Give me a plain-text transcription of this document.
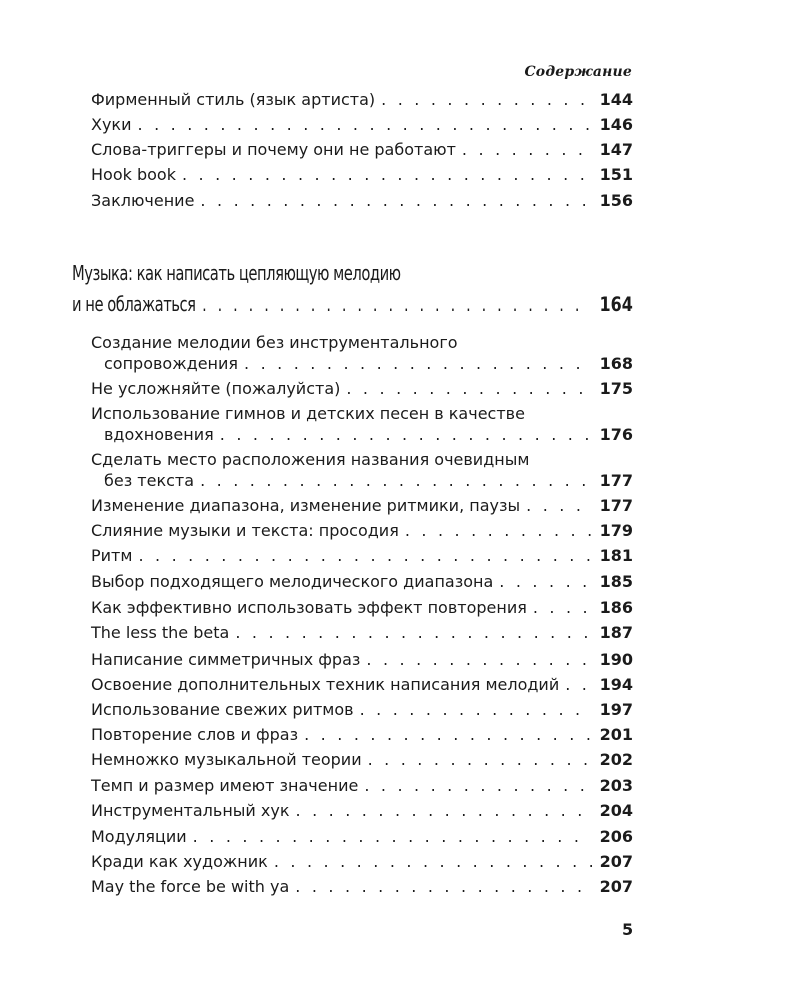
Содержание
Фирменный стиль (язык артиста) . . .	144
Хуки . . .	146
Слова-триггеры и почему они не работают . . .	147
Hook book . . .	151
Заключение . . .	156
Музыка: как написать цепляющую мелодию
и не облажаться . . .	164
Создание мелодии без инструментального
сопровождения . . .	168
Не усложняйте (пожалуйста) . . .	175
Использование гимнов и детских песен в качестве
вдохновения . . .	176
Сделать место расположения названия очевидным
без текста . . .	177
Изменение диапазона, изменение ритмики, паузы . . .	177
Слияние музыки и текста: просодия . . .	179
Ритм . . .	181
Выбор подходящего мелодического диапазона . . .	185
Как эффективно использовать эффект повторения . . .	186
The less the beta . . .	187
Написание симметричных фраз . . .	190
Освоение дополнительных техник написания мелодий . . .	194
Использование свежих ритмов . . .	197
Повторение слов и фраз . . .	201
Немножко музыкальной теории . . .	202
Темп и размер имеют значение . . .	203
Инструментальный хук . . .	204
Модуляции . . .	206
Кради как художник . . .	207
May the force be with ya . . .	207
5
